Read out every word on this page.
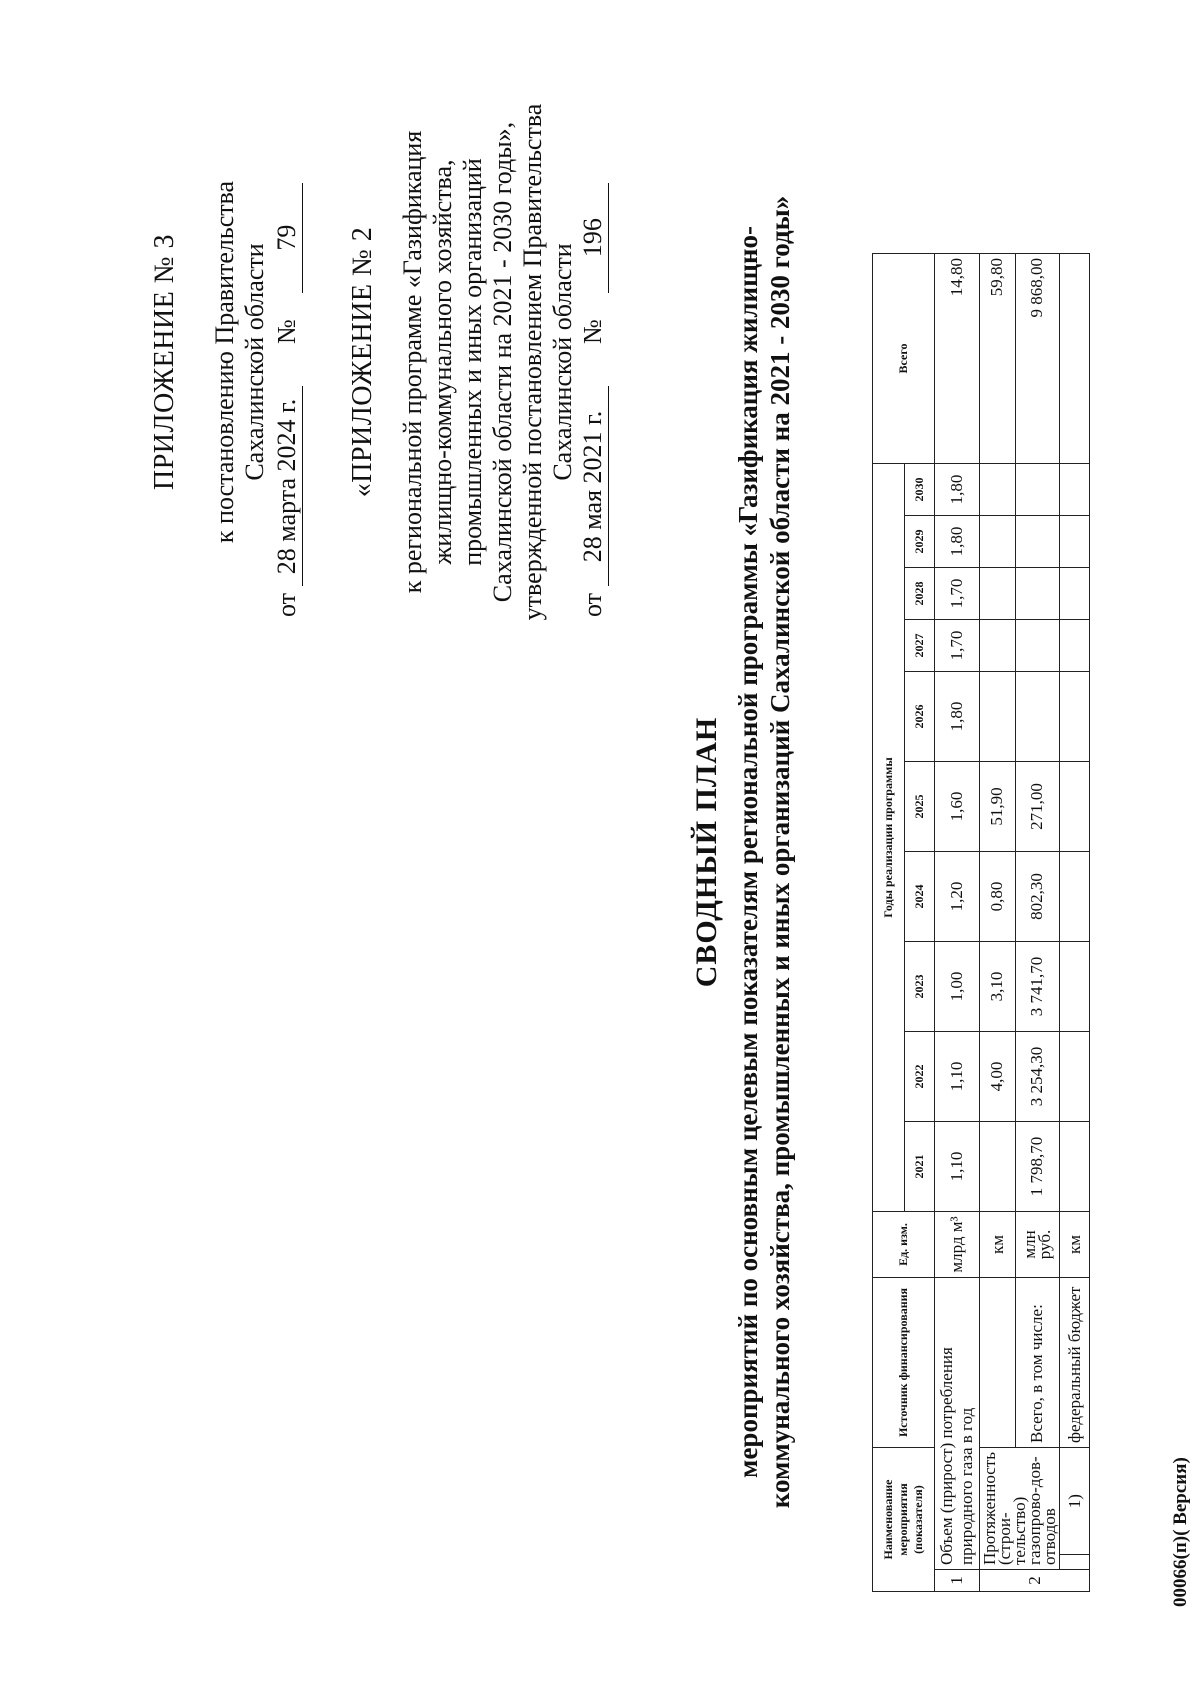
ПРИЛОЖЕНИЕ № 3 к постановлению Правительства Сахалинской области
от 28 марта 2024 г. № 79 «ПРИЛОЖЕНИЕ № 2 к региональной программе «Газификация жилищно-коммунального хозяйства, промышленных и иных организаций Сахалинской области на 2021 - 2030 годы», утвержденной постановлением Правительства Сахалинской области
от 28 мая 2021 г. № 196
СВОДНЫЙ ПЛАН мероприятий по основным целевым показателям региональной программы «Газификация жилищно- коммунального хозяйства, промышленных и иных организаций Сахалинской области на 2021 - 2030 годы»
Наименование мероприятия (показателя)			Источник финансирования	Ед. изм.	Годы реализации программы										Всего
					2021	2022	2023	2024	2025	2026	2027	2028	2029	2030	
1	Объем (прирост) потребления природного газа в год			млрд м³	1,10	1,10	1,00	1,20	1,60	1,80	1,70	1,70	1,80	1,80	14,80
2	Протяженность (строи-тельство) газопрово-дов-отводов			км		4,00	3,10	0,80	51,90						59,80
			Всего, в том числе:	млн руб.	1 798,70	3 254,30	3 741,70	802,30	271,00						9 868,00
		1)	федеральный бюджет	км											
00066(п)( Версия)
